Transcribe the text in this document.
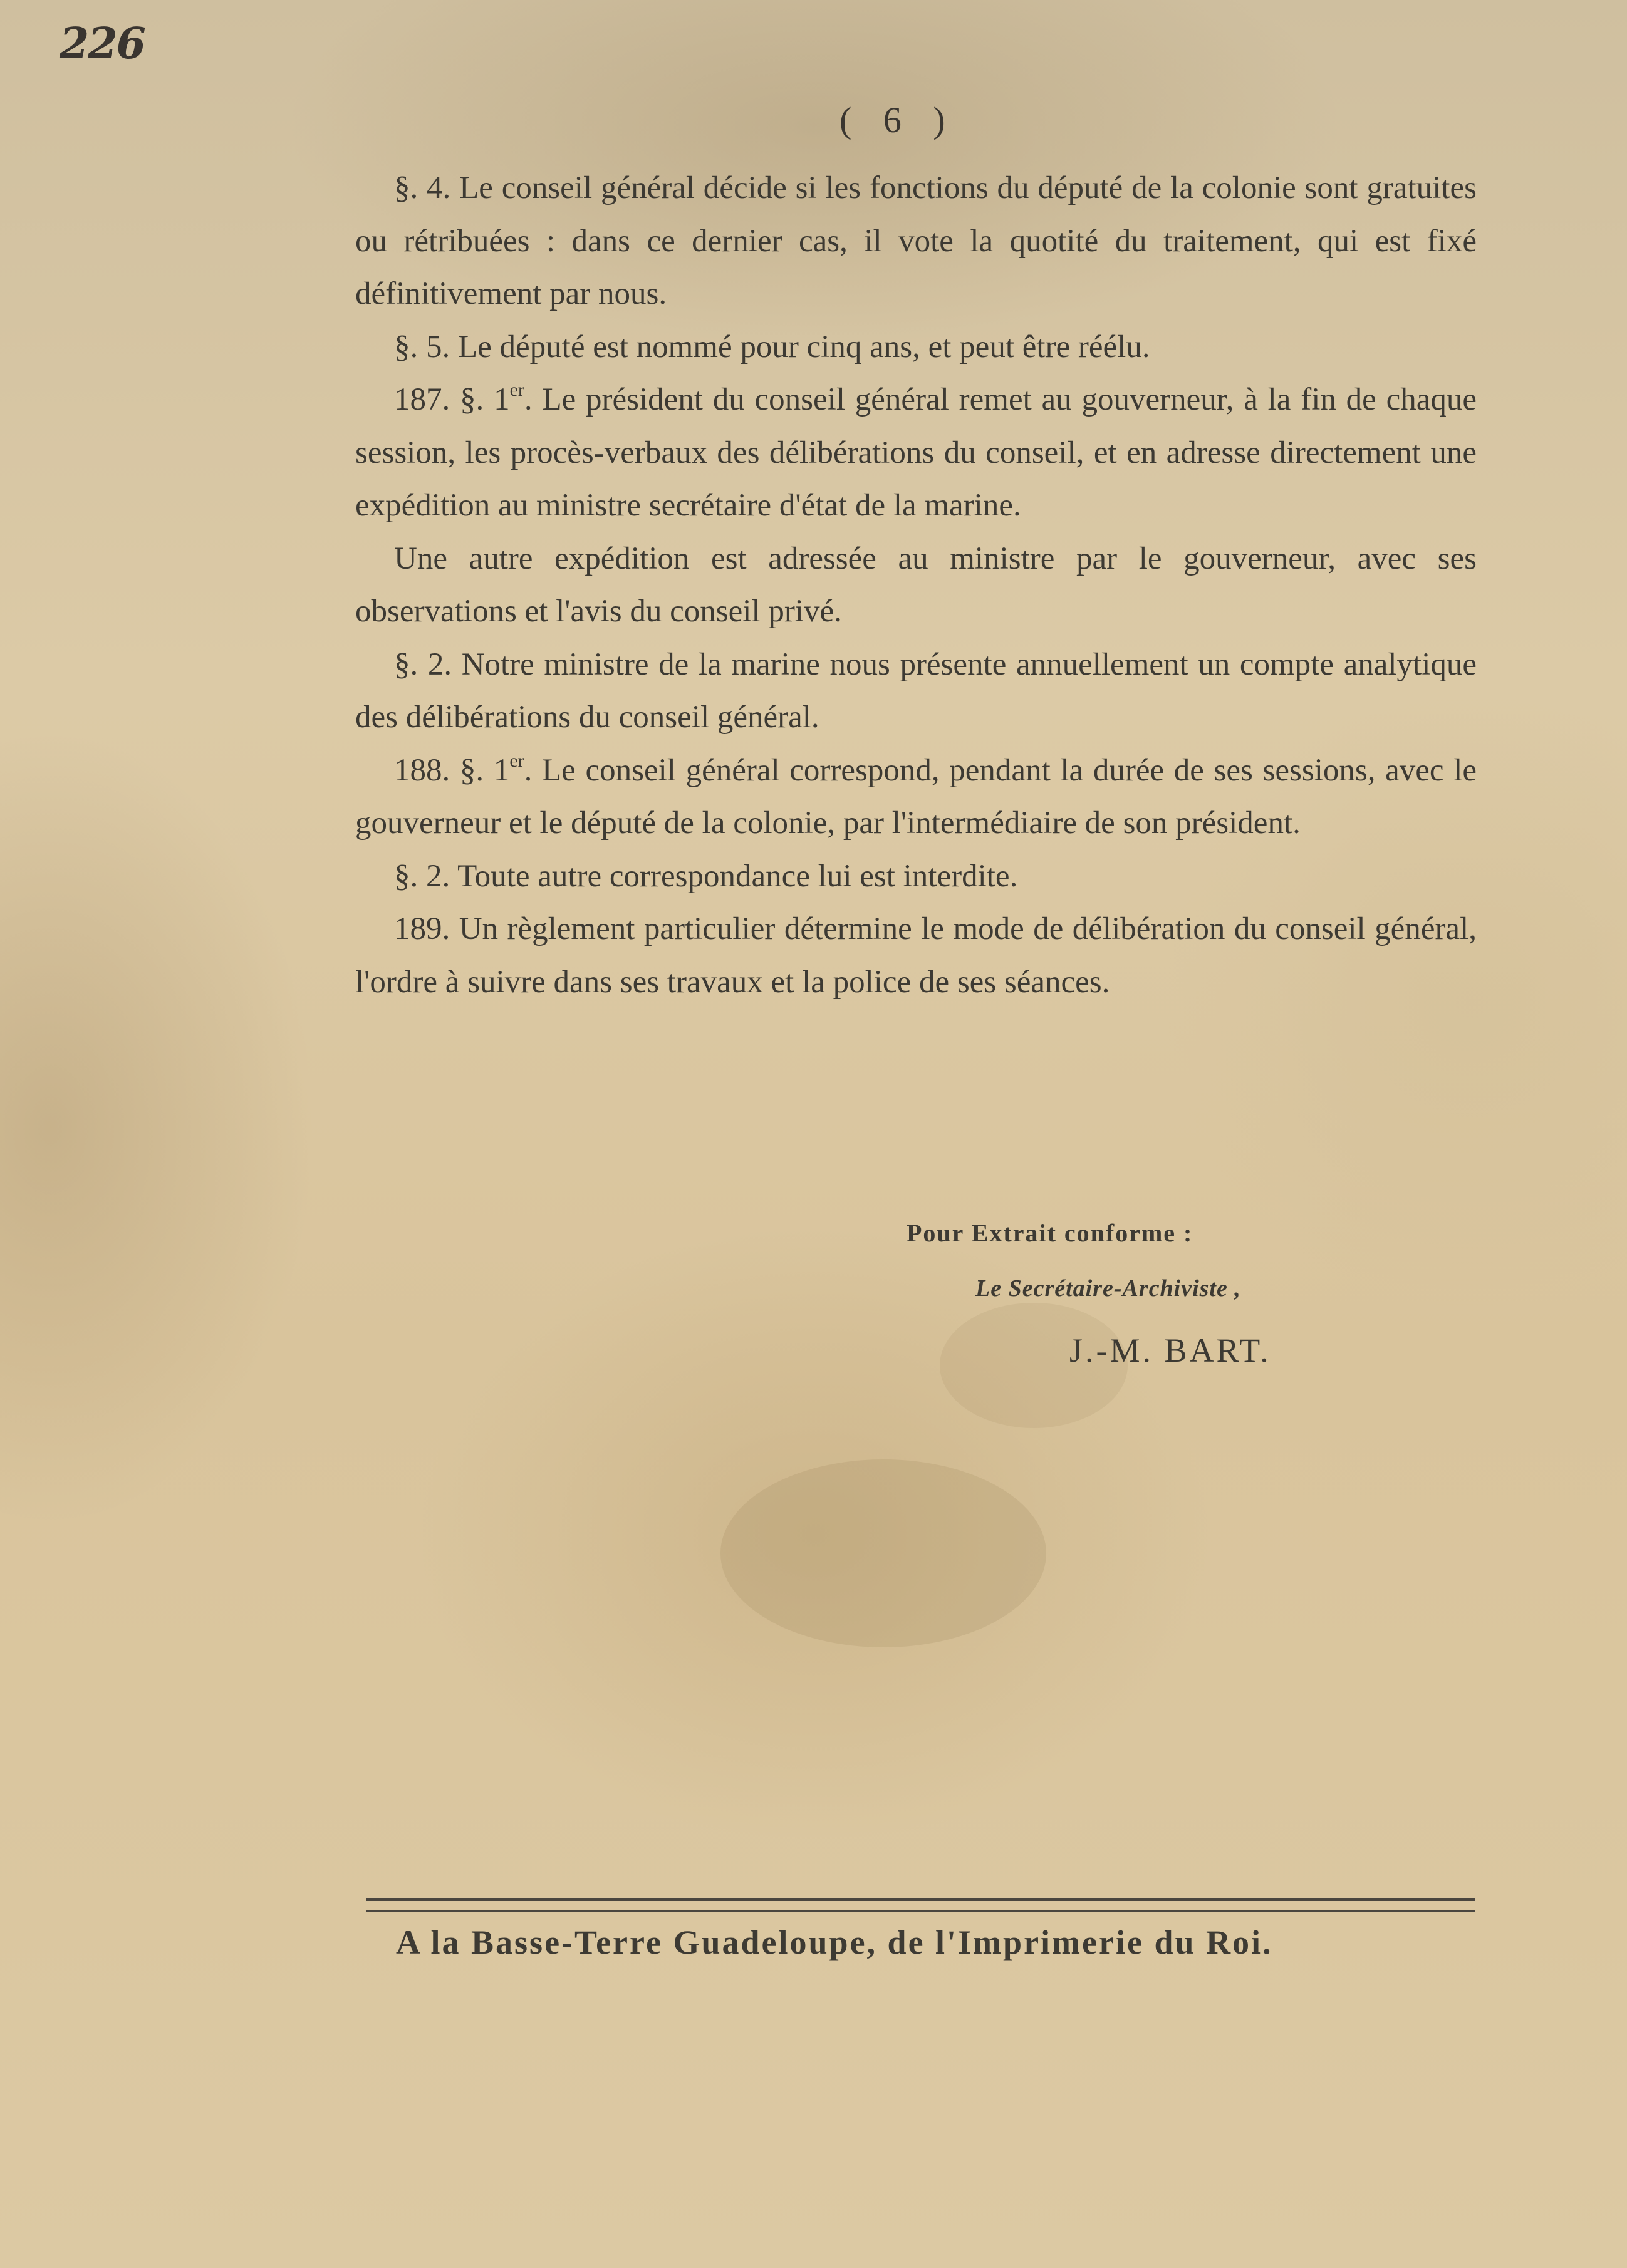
226
( 6 )

§. 4. Le conseil général décide si les fonctions du député de la colonie sont gratuites ou rétribuées : dans ce dernier cas, il vote la quotité du traitement, qui est fixé définitivement par nous.

§. 5. Le député est nommé pour cinq ans, et peut être réélu.

187. §. 1er. Le président du conseil général remet au gouverneur, à la fin de chaque session, les procès-verbaux des délibérations du conseil, et en adresse directement une expédition au ministre secrétaire d'état de la marine.

Une autre expédition est adressée au ministre par le gouverneur, avec ses observations et l'avis du conseil privé.

§. 2. Notre ministre de la marine nous présente annuellement un compte analytique des délibérations du conseil général.

188. §. 1er. Le conseil général correspond, pendant la durée de ses sessions, avec le gouverneur et le député de la colonie, par l'intermédiaire de son président.

§. 2. Toute autre correspondance lui est interdite.

189. Un règlement particulier détermine le mode de délibération du conseil général, l'ordre à suivre dans ses travaux et la police de ses séances.

Pour Extrait conforme :
Le Secrétaire-Archiviste ,
J.-M. BART.
A la Basse-Terre Guadeloupe, de l'Imprimerie du Roi.
